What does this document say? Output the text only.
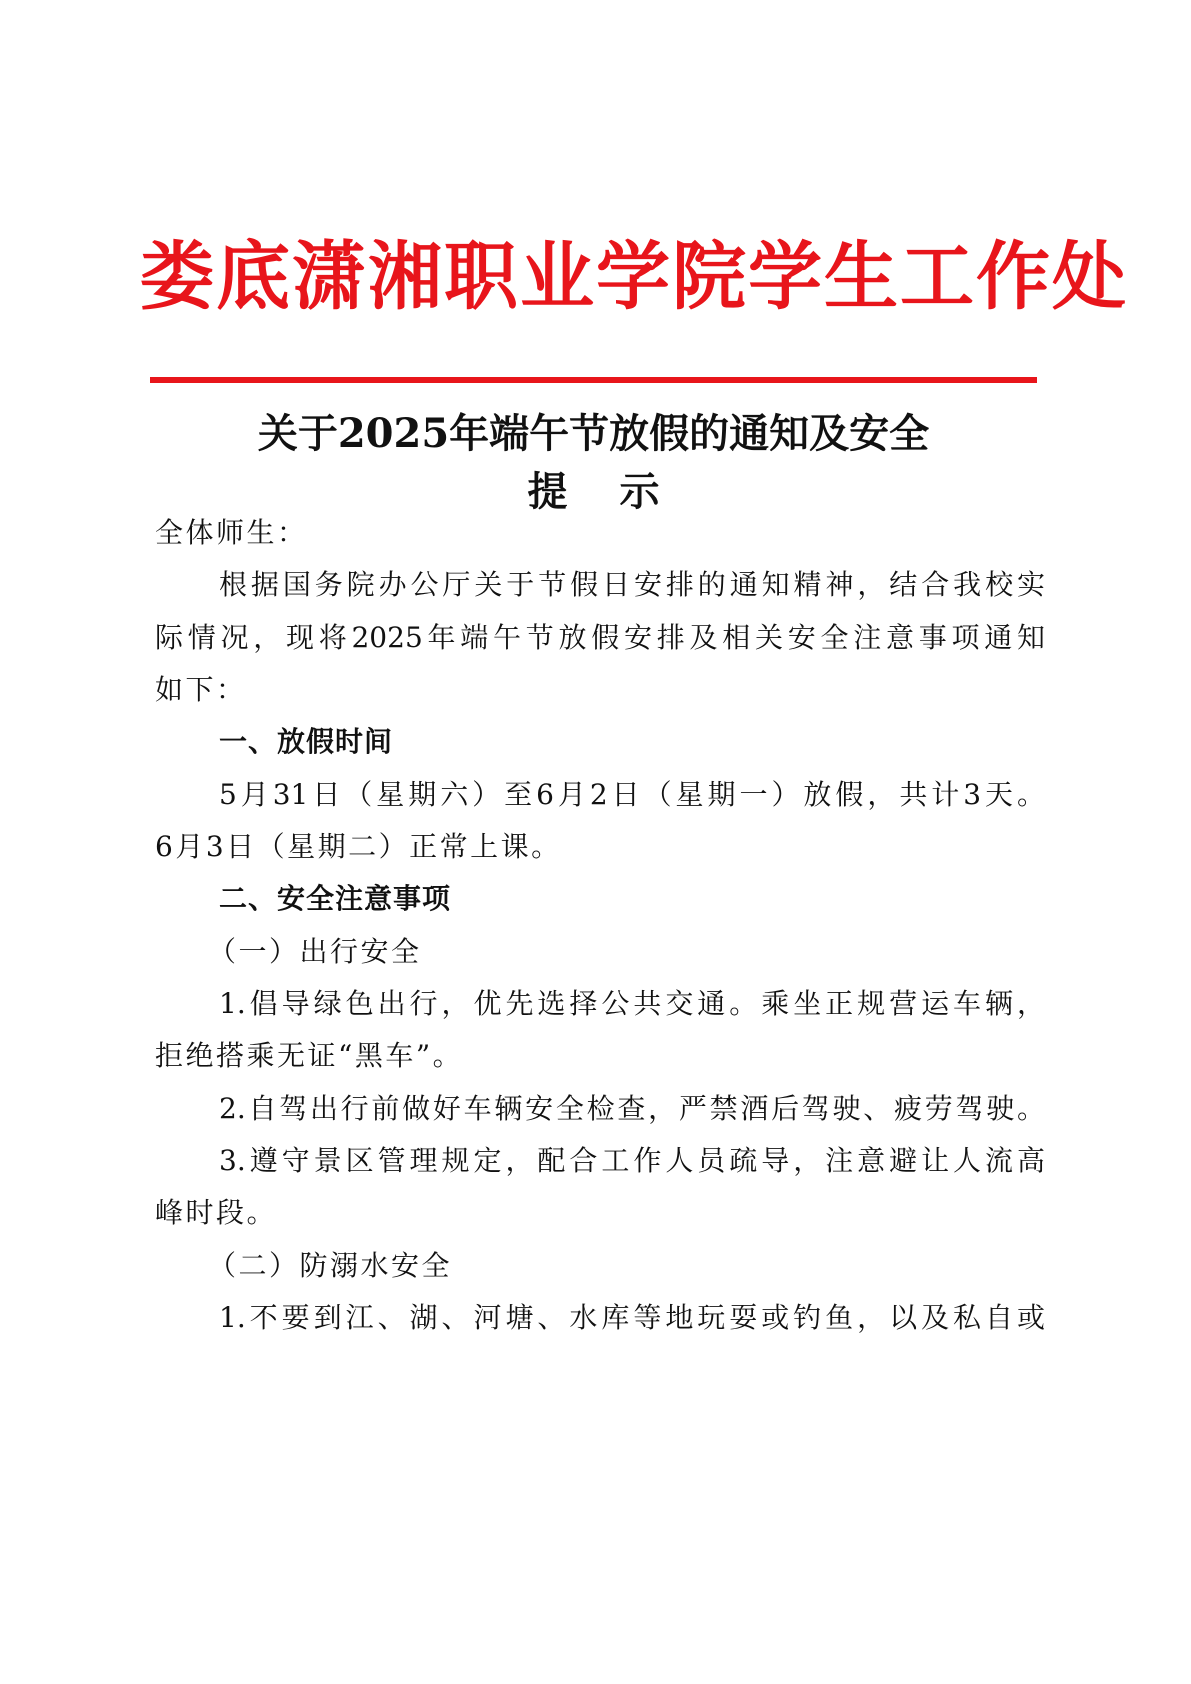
娄底潇湘职业学院学生工作处
关于2025年端午节放假的通知及安全
提示
全体师生：
根据国务院办公厅关于节假日安排的通知精神，结合我校实
际情况，现将2025年端午节放假安排及相关安全注意事项通知
如下：
一、放假时间
5月31日（星期六）至6月2日（星期一）放假，共计3天。
6月3日（星期二）正常上课。
二、安全注意事项
（一）出行安全
1.倡导绿色出行，优先选择公共交通。乘坐正规营运车辆，
拒绝搭乘无证“黑车”。
2.自驾出行前做好车辆安全检查，严禁酒后驾驶、疲劳驾驶。
3.遵守景区管理规定，配合工作人员疏导，注意避让人流高
峰时段。
（二）防溺水安全
1.不要到江、湖、河塘、水库等地玩耍或钓鱼，以及私自或
